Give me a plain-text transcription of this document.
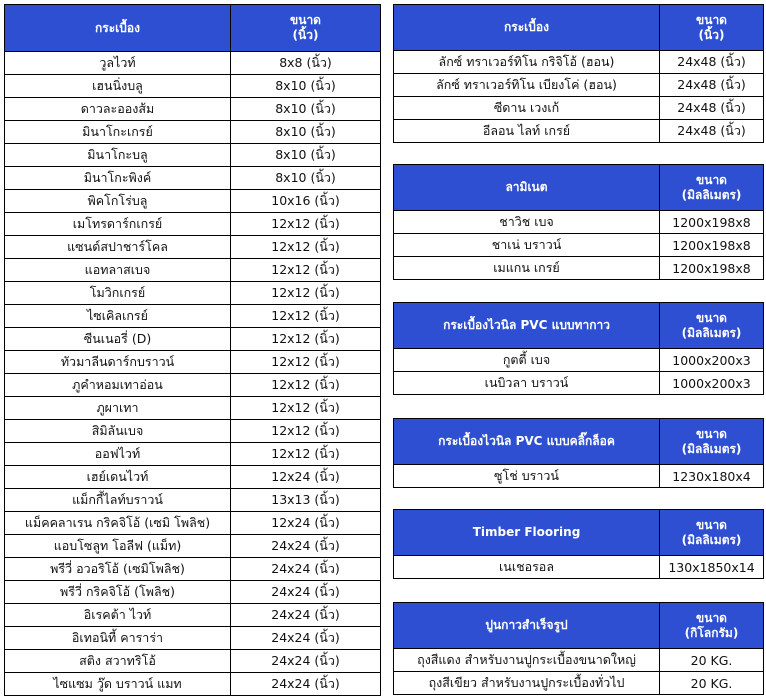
กระเบื้อง	ขนาด
(นิ้ว)
วูลไวท์	8x8 (นิ้ว)
เฮนนิ่งบลู	8x10 (นิ้ว)
ดาวละอองส้ม	8x10 (นิ้ว)
มินาโกะเกรย์	8x10 (นิ้ว)
มินาโกะบลู	8x10 (นิ้ว)
มินาโกะพิงค์	8x10 (นิ้ว)
พิคโกโร่บลู	10x16 (นิ้ว)
เมโทรดาร์กเกรย์	12x12 (นิ้ว)
แซนด์สปาชาร์โคล	12x12 (นิ้ว)
แอทลาสเบจ	12x12 (นิ้ว)
โมวิกเกรย์	12x12 (นิ้ว)
ไซเคิลเกรย์	12x12 (นิ้ว)
ซีนเนอรี่ (D)	12x12 (นิ้ว)
ทัวมาลีนดาร์กบราวน์	12x12 (นิ้ว)
ภูคำหอมเทาอ่อน	12x12 (นิ้ว)
ภูผาเทา	12x12 (นิ้ว)
สิมิลันเบจ	12x12 (นิ้ว)
ออฟไวท์	12x12 (นิ้ว)
เฮย์เดนไวท์	12x24 (นิ้ว)
แม็กกี้ไลท์บราวน์	13x13 (นิ้ว)
แม็คคลาเรน กริคจิโอ้ (เซมิ โพลิช)	12x24 (นิ้ว)
แอบโซลูท โอลีฟ (แม็ท)	24x24 (นิ้ว)
พรีวี่ อวอริโอ้ (เซมิโพลิช)	24x24 (นิ้ว)
พรีวี่ กริคจิโอ้ (โพลิช)	24x24 (นิ้ว)
อิเรคต้า ไวท์	24x24 (นิ้ว)
อิเทอนิที้ คาราร่า	24x24 (นิ้ว)
สติง สวาทริโอ้	24x24 (นิ้ว)
ไซแซม วู๊ด บราวน์ แมท	24x24 (นิ้ว)
กระเบื้อง	ขนาด
(นิ้ว)
ลักซ์ ทราเวอร์ทิโน กริจิโอ้ (ฮอน)	24x48 (นิ้ว)
ลักซ์ ทราเวอร์ทิโน เบียงโค่ (ฮอน)	24x48 (นิ้ว)
ซีดาน เวงเก้	24x48 (นิ้ว)
อีลอน ไลท์ เกรย์	24x48 (นิ้ว)
ลามิเนต	ขนาด
(มิลลิเมตร)
ชาวิช เบจ	1200x198x8
ชาเน่ บราวน์	1200x198x8
เมแกน เกรย์	1200x198x8
กระเบื้องไวนิล PVC แบบทากาว	ขนาด
(มิลลิเมตร)
กูตตี้ เบจ	1000x200x3
เนบิวลา บราวน์	1000x200x3
กระเบื้องไวนิล PVC แบบคลิ๊กล็อค	ขนาด
(มิลลิเมตร)
ซูโช่ บราวน์	1230x180x4
Timber Flooring	ขนาด
(มิลลิเมตร)
เนเชอรอล	130x1850x14
ปูนกาวสำเร็จรูป	ขนาด
(กิโลกรัม)
ถุงสีแดง สำหรับงานปูกระเบื้องขนาดใหญ่	20 KG.
ถุงสีเขียว สำหรับงานปูกระเบื้องทั่วไป	20 KG.
